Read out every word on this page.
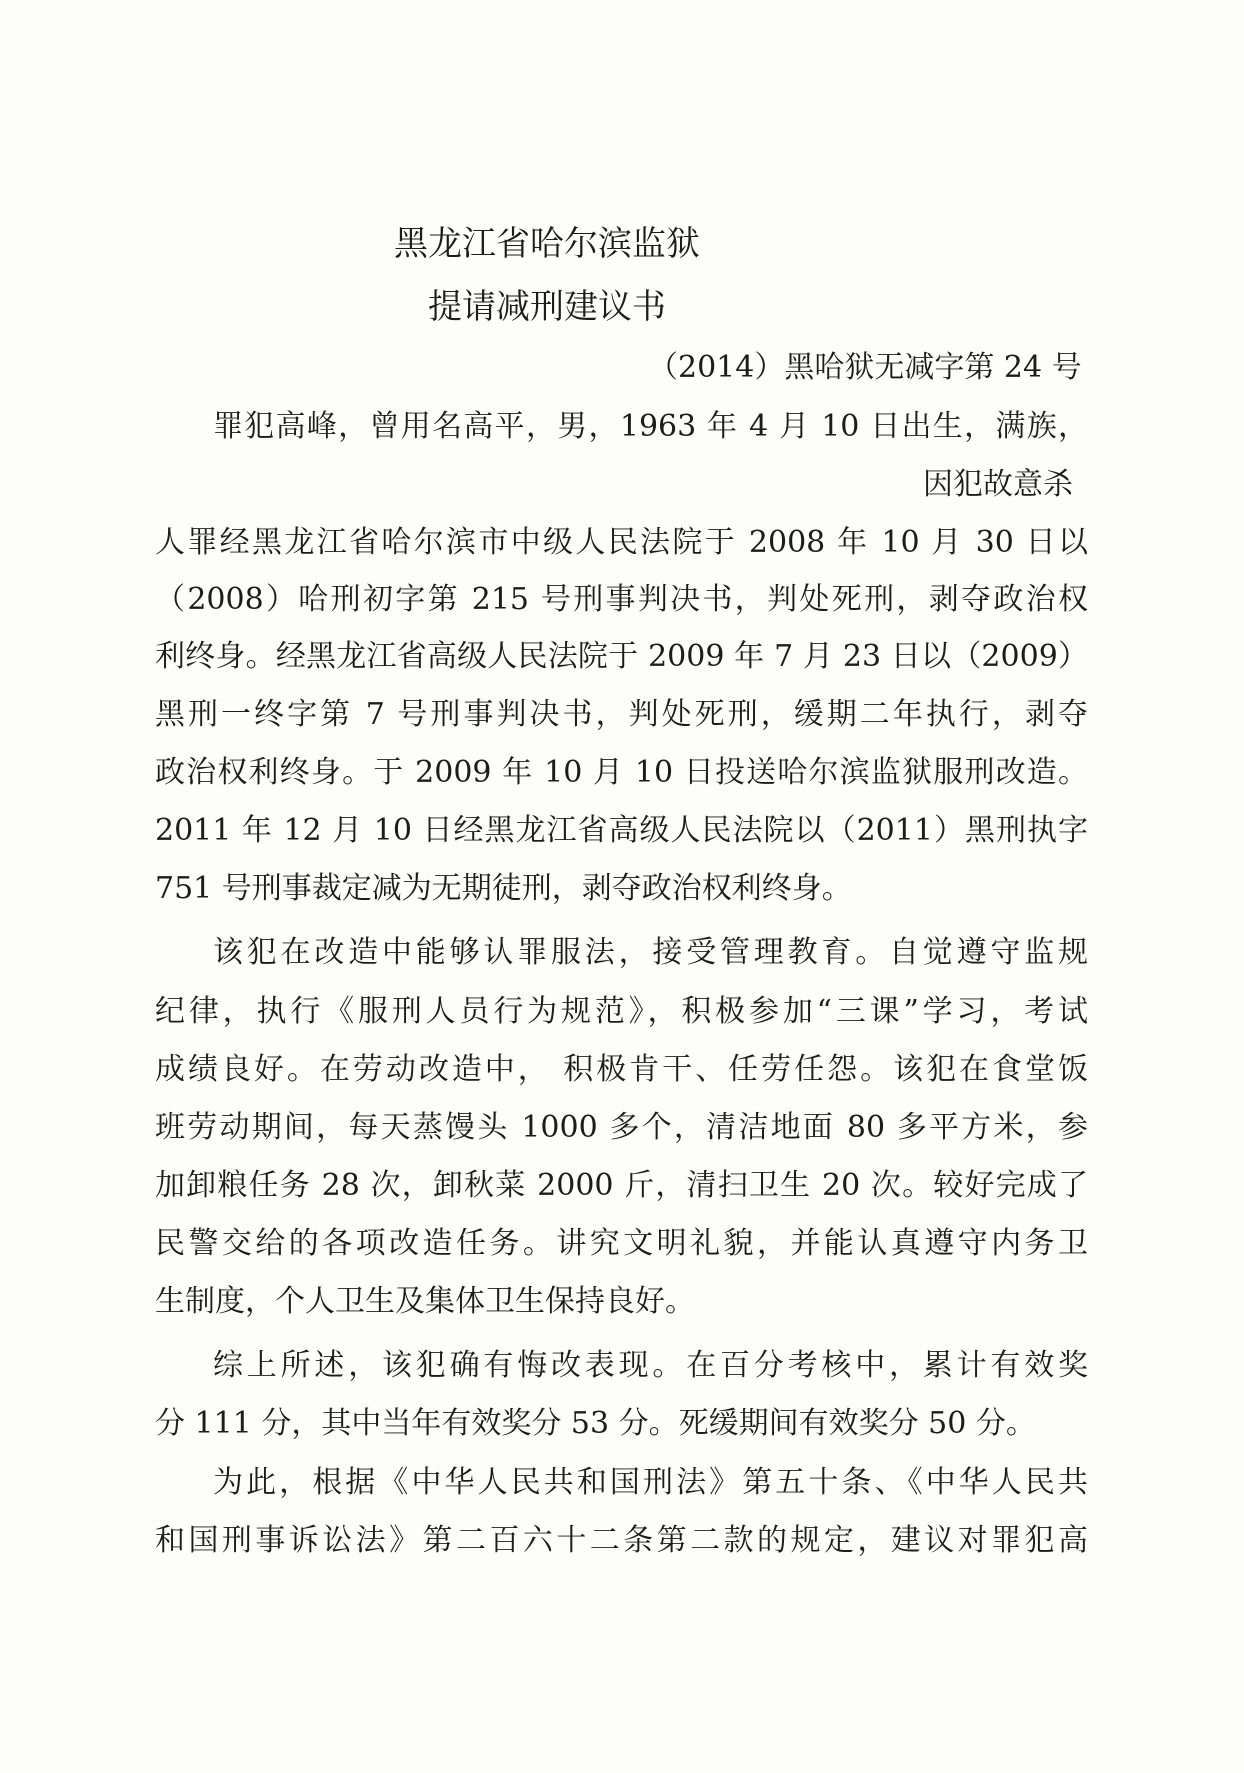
黑龙江省哈尔滨监狱

提请减刑建议书

（2014）黑哈狱无减字第 24 号

罪犯高峰，曾用名高平，男，1963 年 4 月 10 日出生，满族，

因犯故意杀

人罪经黑龙江省哈尔滨市中级人民法院于 2008 年 10 月 30 日以

（2008）哈刑初字第 215 号刑事判决书，判处死刑，剥夺政治权

利终身。经黑龙江省高级人民法院于 2009 年 7 月 23 日以（2009）

黑刑一终字第 7 号刑事判决书，判处死刑，缓期二年执行，剥夺

政治权利终身。于 2009 年 10 月 10 日投送哈尔滨监狱服刑改造。

2011 年 12 月 10 日经黑龙江省高级人民法院以（2011）黑刑执字

751 号刑事裁定减为无期徒刑，剥夺政治权利终身。

该犯在改造中能够认罪服法，接受管理教育。自觉遵守监规

纪律，执行《服刑人员行为规范》，积极参加“三课”学习，考试

成绩良好。在劳动改造中， 积极肯干、任劳任怨。该犯在食堂饭

班劳动期间，每天蒸馒头 1000 多个，清洁地面 80 多平方米，参

加卸粮任务 28 次，卸秋菜 2000 斤，清扫卫生 20 次。较好完成了

民警交给的各项改造任务。讲究文明礼貌，并能认真遵守内务卫

生制度，个人卫生及集体卫生保持良好。

综上所述，该犯确有悔改表现。在百分考核中，累计有效奖

分 111 分，其中当年有效奖分 53 分。死缓期间有效奖分 50 分。

为此，根据《中华人民共和国刑法》第五十条、《中华人民共

和国刑事诉讼法》第二百六十二条第二款的规定，建议对罪犯高
